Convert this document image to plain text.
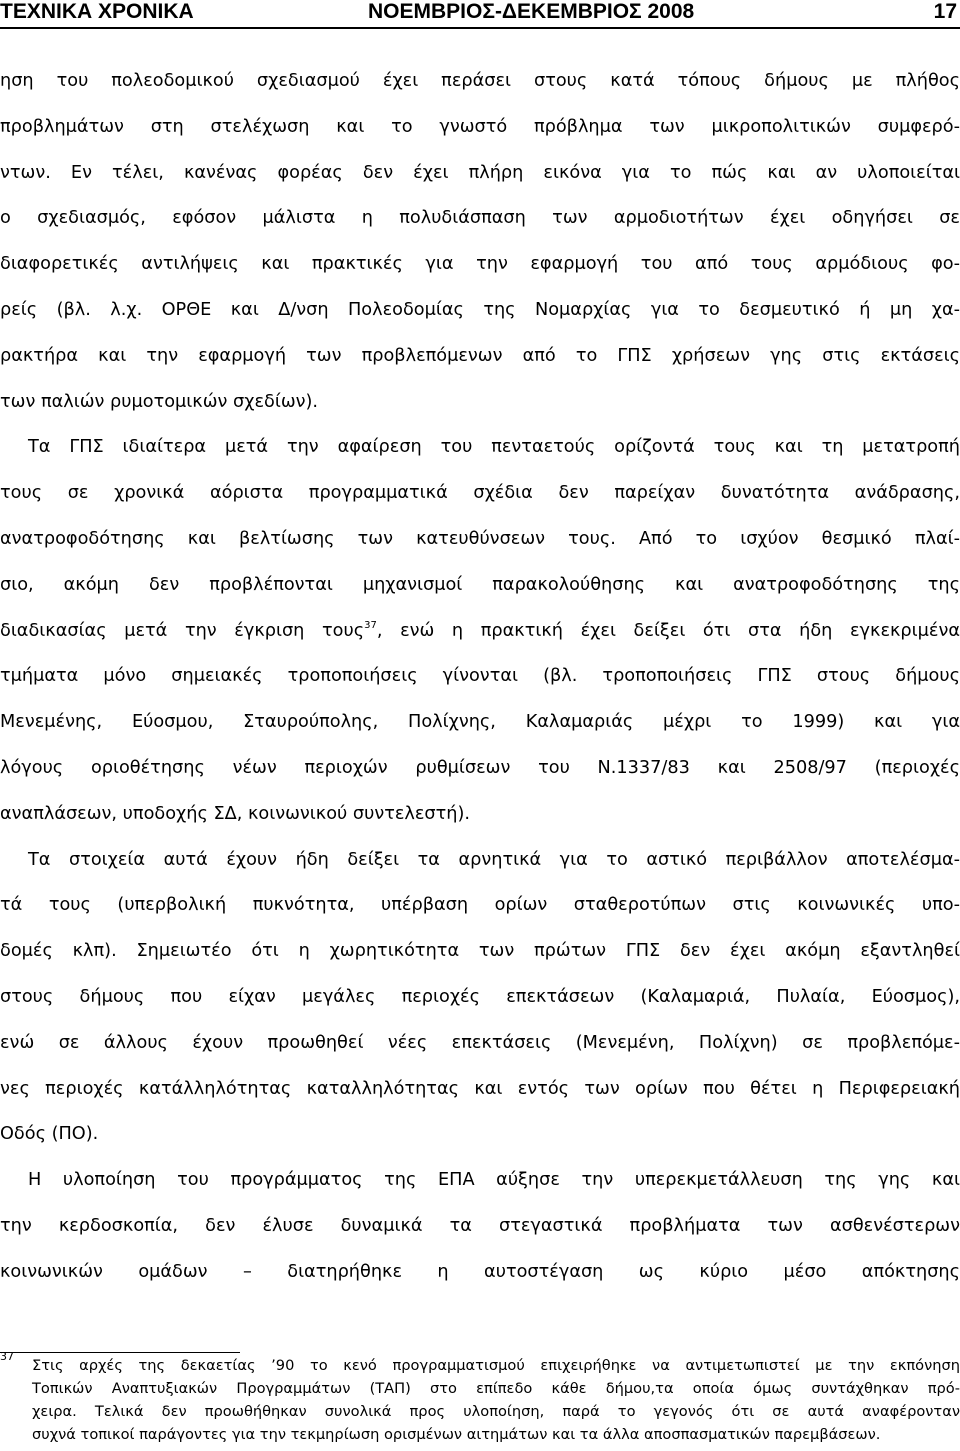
ΤΕΧΝΙΚΑ ΧΡΟΝΙΚΑ	ΝΟΕΜΒΡΙΟΣ-ΔΕΚΕΜΒΡΙΟΣ 2008	17
ηση του πολεοδομικού σχεδιασμού έχει περάσει στους κατά τόπους δήμους με πλήθος
προβλημάτων στη στελέχωση και το γνωστό πρόβλημα των μικροπολιτικών συμφερό-
ντων. Εν τέλει, κανένας φορέας δεν έχει πλήρη εικόνα για το πώς και αν υλοποιείται
ο σχεδιασμός, εφόσον μάλιστα η πολυδιάσπαση των αρμοδιοτήτων έχει οδηγήσει σε
διαφορετικές αντιλήψεις και πρακτικές για την εφαρμογή του από τους αρμόδιους φο-
ρείς (βλ. λ.χ. ΟΡΘΕ και Δ/νση Πολεοδομίας της Νομαρχίας για το δεσμευτικό ή μη χα-
ρακτήρα και την εφαρμογή των προβλεπόμενων από το ΓΠΣ χρήσεων γης στις εκτάσεις
των παλιών ρυμοτομικών σχεδίων).
Τα ΓΠΣ ιδιαίτερα μετά την αφαίρεση του πενταετούς ορίζοντά τους και τη μετατροπή
τους σε χρονικά αόριστα προγραμματικά σχέδια δεν παρείχαν δυνατότητα ανάδρασης,
ανατροφοδότησης και βελτίωσης των κατευθύνσεων τους. Από το ισχύον θεσμικό πλαί-
σιο, ακόμη δεν προβλέπονται μηχανισμοί παρακολούθησης και ανατροφοδότησης της
διαδικασίας μετά την έγκριση τους$^{37}$, ενώ η πρακτική έχει δείξει ότι στα ήδη εγκεκριμένα
τμήματα μόνο σημειακές τροποποιήσεις γίνονται (βλ. τροποποιήσεις ΓΠΣ στους δήμους
Μενεμένης, Εύοσμου, Σταυρούπολης, Πολίχνης, Καλαμαριάς μέχρι το 1999) και για
λόγους οριοθέτησης νέων περιοχών ρυθμίσεων του Ν.1337/83 και 2508/97 (περιοχές
αναπλάσεων, υποδοχής ΣΔ, κοινωνικού συντελεστή).
Τα στοιχεία αυτά έχουν ήδη δείξει τα αρνητικά για το αστικό περιβάλλον αποτελέσμα-
τά τους (υπερβολική πυκνότητα, υπέρβαση ορίων σταθεροτύπων στις κοινωνικές υπο-
δομές κλπ). Σημειωτέο ότι η χωρητικότητα των πρώτων ΓΠΣ δεν έχει ακόμη εξαντληθεί
στους δήμους που είχαν μεγάλες περιοχές επεκτάσεων (Καλαμαριά, Πυλαία, Εύοσμος),
ενώ σε άλλους έχουν προωθηθεί νέες επεκτάσεις (Μενεμένη, Πολίχνη) σε προβλεπόμε-
νες περιοχές κατάλληλότητας καταλληλότητας και εντός των ορίων που θέτει η Περιφερειακή
Οδός (ΠΟ).
Η υλοποίηση του προγράμματος της ΕΠΑ αύξησε την υπερεκμετάλλευση της γης και
την κερδοσκοπία, δεν έλυσε δυναμικά τα στεγαστικά προβλήματα των ασθενέστερων
κοινωνικών ομάδων – διατηρήθηκε η αυτοστέγαση ως κύριο μέσο απόκτησης
37
Στις αρχές της δεκαετίας ’90 το κενό προγραμματισμού επιχειρήθηκε να αντιμετωπιστεί με την εκπόνηση
Τοπικών Αναπτυξιακών Προγραμμάτων (ΤΑΠ) στο επίπεδο κάθε δήμου,τα οποία όμως συντάχθηκαν πρό-
χειρα. Τελικά δεν προωθήθηκαν συνολικά προς υλοποίηση, παρά το γεγονός ότι σε αυτά αναφέρονταν
συχνά τοπικοί παράγοντες για την τεκμηρίωση ορισμένων αιτημάτων και τα άλλα αποσπασματικών παρεμβάσεων.
